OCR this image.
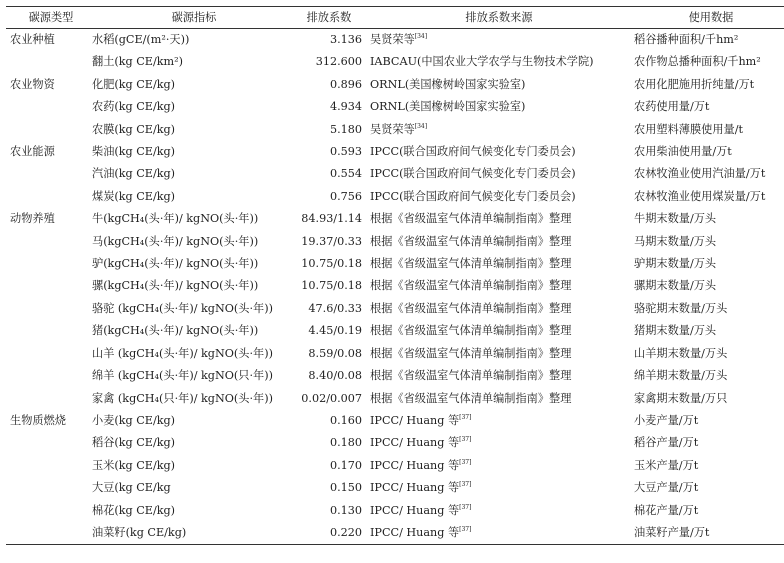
碳源类型	碳源指标	排放系数	排放系数来源	使用数据
农业种植	水稻(gCE/(m²·天))	3.136	吴贤荣等[34]	稻谷播种面积/千hm²
	翻土(kg CE/km²)	312.600	IABCAU(中国农业大学农学与生物技术学院)	农作物总播种面积/千hm²
农业物资	化肥(kg CE/kg)	0.896	ORNL(美国橡树岭国家实验室)	农用化肥施用折纯量/万t
	农药(kg CE/kg)	4.934	ORNL(美国橡树岭国家实验室)	农药使用量/万t
	农膜(kg CE/kg)	5.180	吴贤荣等[34]	农用塑料薄膜使用量/t
农业能源	柴油(kg CE/kg)	0.593	IPCC(联合国政府间气候变化专门委员会)	农用柴油使用量/万t
	汽油(kg CE/kg)	0.554	IPCC(联合国政府间气候变化专门委员会)	农林牧渔业使用汽油量/万t
	煤炭(kg CE/kg)	0.756	IPCC(联合国政府间气候变化专门委员会)	农林牧渔业使用煤炭量/万t
动物养殖	牛(kgCH₄(头·年)/ kgNO(头·年))	84.93/1.14	根据《省级温室气体清单编制指南》整理	牛期末数量/万头
	马(kgCH₄(头·年)/ kgNO(头·年))	19.37/0.33	根据《省级温室气体清单编制指南》整理	马期末数量/万头
	驴(kgCH₄(头·年)/ kgNO(头·年))	10.75/0.18	根据《省级温室气体清单编制指南》整理	驴期末数量/万头
	骡(kgCH₄(头·年)/ kgNO(头·年))	10.75/0.18	根据《省级温室气体清单编制指南》整理	骡期末数量/万头
	骆驼 (kgCH₄(头·年)/ kgNO(头·年))	47.6/0.33	根据《省级温室气体清单编制指南》整理	骆驼期末数量/万头
	猪(kgCH₄(头·年)/ kgNO(头·年))	4.45/0.19	根据《省级温室气体清单编制指南》整理	猪期末数量/万头
	山羊 (kgCH₄(头·年)/ kgNO(头·年))	8.59/0.08	根据《省级温室气体清单编制指南》整理	山羊期末数量/万头
	绵羊 (kgCH₄(头·年)/ kgNO(只·年))	8.40/0.08	根据《省级温室气体清单编制指南》整理	绵羊期末数量/万头
	家禽 (kgCH₄(只·年)/ kgNO(头·年))	0.02/0.007	根据《省级温室气体清单编制指南》整理	家禽期末数量/万只
生物质燃烧	小麦(kg CE/kg)	0.160	IPCC/ Huang 等[37]	小麦产量/万t
	稻谷(kg CE/kg)	0.180	IPCC/ Huang 等[37]	稻谷产量/万t
	玉米(kg CE/kg)	0.170	IPCC/ Huang 等[37]	玉米产量/万t
	大豆(kg CE/kg	0.150	IPCC/ Huang 等[37]	大豆产量/万t
	棉花(kg CE/kg)	0.130	IPCC/ Huang 等[37]	棉花产量/万t
	油菜籽(kg CE/kg)	0.220	IPCC/ Huang 等[37]	油菜籽产量/万t
